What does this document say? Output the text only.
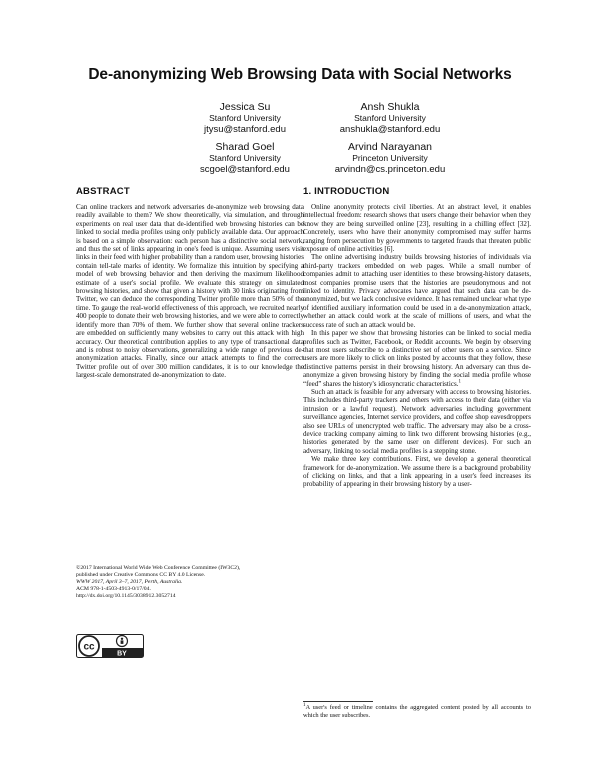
De-anonymizing Web Browsing Data with Social Networks
Jessica Su
Stanford University
jtysu@stanford.edu
Ansh Shukla
Stanford University
anshukla@stanford.edu
Sharad Goel
Stanford University
scgoel@stanford.edu
Arvind Narayanan
Princeton University
arvindn@cs.princeton.edu
ABSTRACT

Can online trackers and network adversaries de-anonymize web browsing data readily available to them? We show theoretically, via simulation, and through experiments on real user data that de-identified web browsing histories can be linked to social media profiles using only publicly available data. Our approach is based on a simple observation: each person has a distinctive social network, and thus the set of links appearing in one's feed is unique. Assuming users visit links in their feed with higher probability than a random user, browsing histories contain tell-tale marks of identity. We formalize this intuition by specifying a model of web browsing behavior and then deriving the maximum likelihood estimate of a user's social profile. We evaluate this strategy on simulated browsing histories, and show that given a history with 30 links originating from Twitter, we can deduce the corresponding Twitter profile more than 50% of the time. To gauge the real-world effectiveness of this approach, we recruited nearly 400 people to donate their web browsing histories, and we were able to correctly identify more than 70% of them. We further show that several online trackers are embedded on sufficiently many websites to carry out this attack with high accuracy. Our theoretical contribution applies to any type of transactional data and is robust to noisy observations, generalizing a wide range of previous de-anonymization attacks. Finally, since our attack attempts to find the correct Twitter profile out of over 300 million candidates, it is to our knowledge the largest-scale demonstrated de-anonymization to date.

©2017 International World Wide Web Conference Committee (IW3C2),
published under Creative Commons CC BY 4.0 License.
WWW 2017, April 3–7, 2017, Perth, Australia.
ACM 978-1-4503-4913-0/17/04.
http://dx.doi.org/10.1145/3038912.3052714
cc
BY
1. INTRODUCTION

Online anonymity protects civil liberties. At an abstract level, it enables intellectual freedom: research shows that users change their behavior when they know they are being surveilled online [23], resulting in a chilling effect [32]. Concretely, users who have their anonymity compromised may suffer harms ranging from persecution by governments to targeted frauds that threaten public exposure of online activities [6].

The online advertising industry builds browsing histories of individuals via third-party trackers embedded on web pages. While a small number of companies admit to attaching user identities to these browsing-history datasets, most companies promise users that the histories are pseudonymous and not linked to identity. Privacy advocates have argued that such data can be de-anonymized, but we lack conclusive evidence. It has remained unclear what type of identified auxiliary information could be used in a de-anonymization attack, whether an attack could work at the scale of millions of users, and what the success rate of such an attack would be.

In this paper we show that browsing histories can be linked to social media profiles such as Twitter, Facebook, or Reddit accounts. We begin by observing that most users subscribe to a distinctive set of other users on a service. Since users are more likely to click on links posted by accounts that they follow, these distinctive patterns persist in their browsing history. An adversary can thus de-anonymize a given browsing history by finding the social media profile whose “feed” shares the history's idiosyncratic characteristics.$^1$

Such an attack is feasible for any adversary with access to browsing histories. This includes third-party trackers and others with access to their data (either via intrusion or a lawful request). Network adversaries including government surveillance agencies, Internet service providers, and coffee shop eavesdroppers also see URLs of unencrypted web traffic. The adversary may also be a cross-device tracking company aiming to link two different browsing histories (e.g., histories generated by the same user on different devices). For such an adversary, linking to social media profiles is a stepping stone.

We make three key contributions. First, we develop a general theoretical framework for de-anonymization. We assume there is a background probability of clicking on links, and that a link appearing in a user's feed increases its probability of appearing in their browsing history by a user-

$^1$A user's feed or timeline contains the aggregated content posted by all accounts to which the user subscribes.
